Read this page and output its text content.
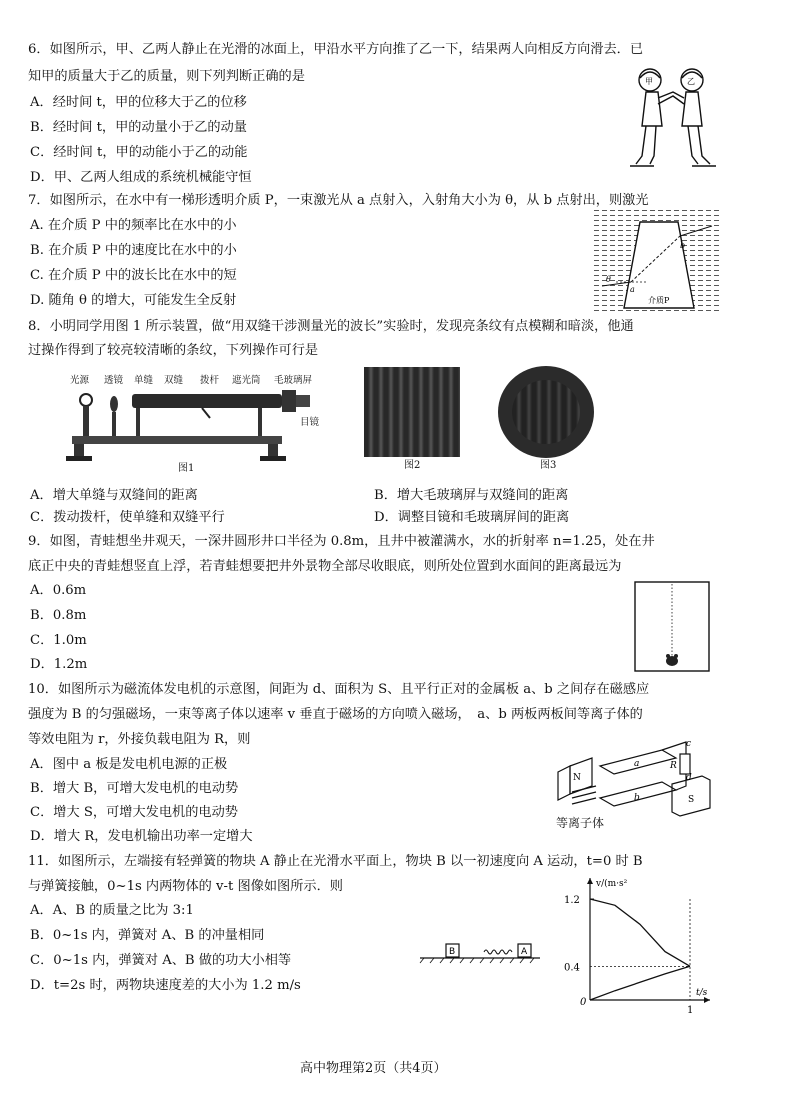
6．如图所示，甲、乙两人静止在光滑的冰面上，甲沿水平方向推了乙一下，结果两人向相反方向滑去．已
知甲的质量大于乙的质量，则下列判断正确的是
A．经时间 t，甲的位移大于乙的位移
B．经时间 t，甲的动量小于乙的动量
C．经时间 t，甲的动能小于乙的动能
D．甲、乙两人组成的系统机械能守恒
甲	乙
7．如图所示，在水中有一梯形透明介质 P，一束激光从 a 点射入，入射角大小为 θ，从 b 点射出，则激光
A. 在介质 P 中的频率比在水中的小
B. 在介质 P 中的速度比在水中的小
C. 在介质 P 中的波长比在水中的短
D. 随角 θ 的增大，可能发生全反射
a
b
θ
介质P
8．小明同学用图 1 所示装置，做“用双缝干涉测量光的波长”实验时，发现亮条纹有点模糊和暗淡，他通
过操作得到了较亮较清晰的条纹，下列操作可行是
光源 透镜 单缝 双缝 拨杆 遮光筒 毛玻璃屏
目镜
图1	图2	图3
A．增大单缝与双缝间的距离	B．增大毛玻璃屏与双缝间的距离
C．拨动拨杆，使单缝和双缝平行	D．调整目镜和毛玻璃屏间的距离
9．如图，青蛙想坐井观天，一深井圆形井口半径为 0.8m，且井中被灌满水，水的折射率 n=1.25，处在井
底正中央的青蛙想竖直上浮，若青蛙想要把井外景物全部尽收眼底，则所处位置到水面间的距离最远为
A．0.6m
B．0.8m
C．1.0m
D．1.2m
10．如图所示为磁流体发电机的示意图，间距为 d、面积为 S、且平行正对的金属板 a、b 之间存在磁感应
强度为 B 的匀强磁场，一束等离子体以速率 v 垂直于磁场的方向喷入磁场，　a、b 两板两板间等离子体的
等效电阻为 r，外接负载电阻为 R，则
A．图中 a 板是发电机电源的正极
B．增大 B，可增大发电机的电动势
C．增大 S，可增大发电机的电动势
D．增大 R，发电机输出功率一定增大
N
S
a
b
R
c
d
等离子体
11．如图所示，左端接有轻弹簧的物块 A 静止在光滑水平面上，物块 B 以一初速度向 A 运动，t=0 时 B
与弹簧接触，0~1s 内两物体的 v-t 图像如图所示．则
A．A、B 的质量之比为 3:1
B．0~1s 内，弹簧对 A、B 的冲量相同
C．0~1s 内，弹簧对 A、B 做的功大小相等
D．t=2s 时，两物块速度差的大小为 1.2 m/s
B	A
1.2
0.4
1
v/(m·s²
t/s
0
高中物理第2页（共4页）
